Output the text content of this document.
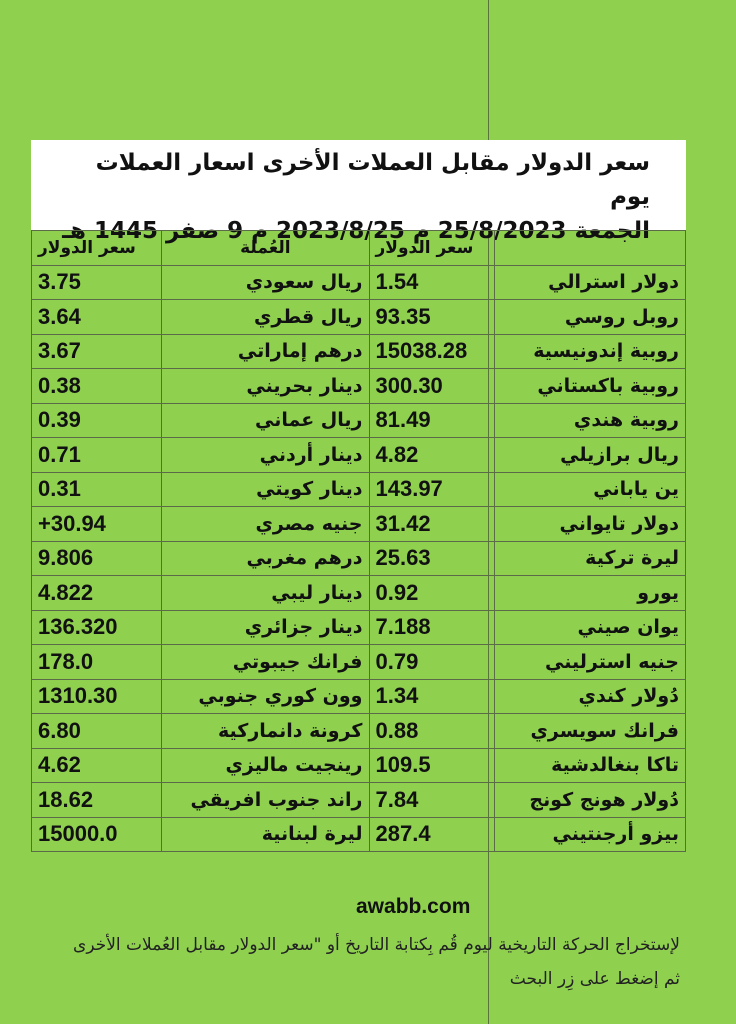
سعر الدولار مقابل العملات الأخرى اسعار العملات يوم
الجمعة 25/8/2023 م 2023/8/25 م 9 صفر 1445 هـ
	سعر الدولار	العُملة	سعر الدولار
دولار استرالي	1.54	ريال سعودي	3.75
روبل روسي	93.35	ريال قطري	3.64
روبية إندونيسية	15038.28	درهم إماراتي	3.67
روبية باكستاني	300.30	دينار بحريني	0.38
روبية هندي	81.49	ريال عماني	0.39
ريال برازيلي	4.82	دينار أردني	0.71
ين ياباني	143.97	دينار كويتي	0.31
دولار تايواني	31.42	جنيه مصري	30.94+
ليرة تركية	25.63	درهم مغربي	9.806
يورو	0.92	دينار ليبي	4.822
يوان صيني	7.188	دينار جزائري	136.320
جنيه استرليني	0.79	فرانك جيبوتي	178.0
دُولار كندي	1.34	وون كوري جنوبي	1310.30
فرانك سويسري	0.88	كرونة دانماركية	6.80
تاكا بنغالدشية	109.5	رينجيت ماليزي	4.62
دُولار هونج كونج	7.84	راند جنوب افريقي	18.62
بيزو أرجنتيني	287.4	ليرة لبنانية	15000.0
awabb.com
لإستخراج الحركة التاريخية ليوم قُم بِكتابة التاريخ أو "سعر الدولار مقابل العُملات الأخرى ثم إضغط على زِر البحث
